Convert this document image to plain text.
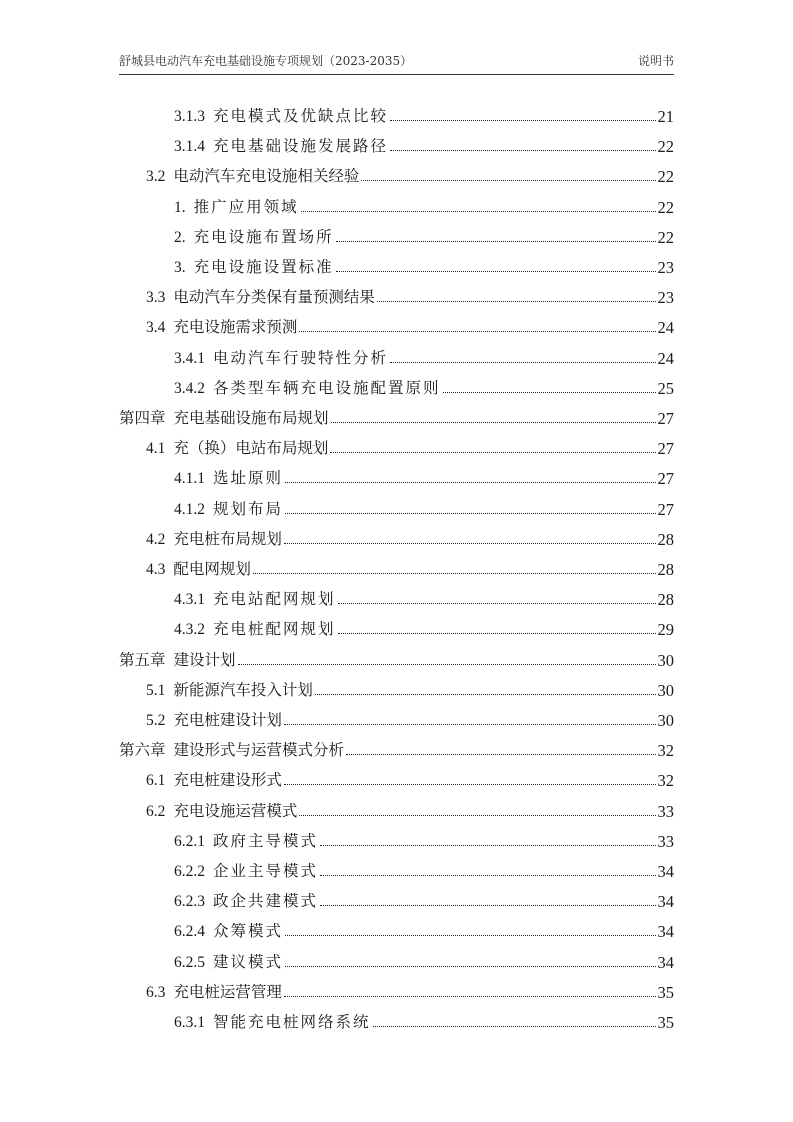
舒城县电动汽车充电基础设施专项规划（2023-2035）	说明书
3.1.3 充电模式及优缺点比较	21
3.1.4 充电基础设施发展路径	22
3.2 电动汽车充电设施相关经验	22
1. 推广应用领域	22
2. 充电设施布置场所	22
3. 充电设施设置标准	23
3.3 电动汽车分类保有量预测结果	23
3.4 充电设施需求预测	24
3.4.1 电动汽车行驶特性分析	24
3.4.2 各类型车辆充电设施配置原则	25
第四章 充电基础设施布局规划	27
4.1 充（换）电站布局规划	27
4.1.1 选址原则	27
4.1.2 规划布局	27
4.2 充电桩布局规划	28
4.3 配电网规划	28
4.3.1 充电站配网规划	28
4.3.2 充电桩配网规划	29
第五章 建设计划	30
5.1 新能源汽车投入计划	30
5.2 充电桩建设计划	30
第六章 建设形式与运营模式分析	32
6.1 充电桩建设形式	32
6.2 充电设施运营模式	33
6.2.1 政府主导模式	33
6.2.2 企业主导模式	34
6.2.3 政企共建模式	34
6.2.4 众筹模式	34
6.2.5 建议模式	34
6.3 充电桩运营管理	35
6.3.1 智能充电桩网络系统	35
